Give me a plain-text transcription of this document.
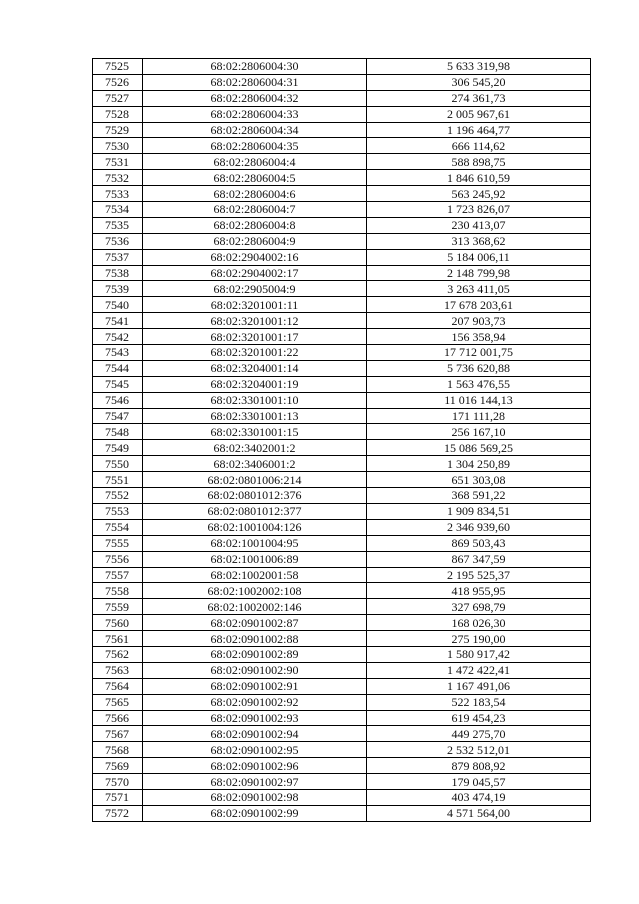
7525	68:02:2806004:30	5 633 319,98
7526	68:02:2806004:31	306 545,20
7527	68:02:2806004:32	274 361,73
7528	68:02:2806004:33	2 005 967,61
7529	68:02:2806004:34	1 196 464,77
7530	68:02:2806004:35	666 114,62
7531	68:02:2806004:4	588 898,75
7532	68:02:2806004:5	1 846 610,59
7533	68:02:2806004:6	563 245,92
7534	68:02:2806004:7	1 723 826,07
7535	68:02:2806004:8	230 413,07
7536	68:02:2806004:9	313 368,62
7537	68:02:2904002:16	5 184 006,11
7538	68:02:2904002:17	2 148 799,98
7539	68:02:2905004:9	3 263 411,05
7540	68:02:3201001:11	17 678 203,61
7541	68:02:3201001:12	207 903,73
7542	68:02:3201001:17	156 358,94
7543	68:02:3201001:22	17 712 001,75
7544	68:02:3204001:14	5 736 620,88
7545	68:02:3204001:19	1 563 476,55
7546	68:02:3301001:10	11 016 144,13
7547	68:02:3301001:13	171 111,28
7548	68:02:3301001:15	256 167,10
7549	68:02:3402001:2	15 086 569,25
7550	68:02:3406001:2	1 304 250,89
7551	68:02:0801006:214	651 303,08
7552	68:02:0801012:376	368 591,22
7553	68:02:0801012:377	1 909 834,51
7554	68:02:1001004:126	2 346 939,60
7555	68:02:1001004:95	869 503,43
7556	68:02:1001006:89	867 347,59
7557	68:02:1002001:58	2 195 525,37
7558	68:02:1002002:108	418 955,95
7559	68:02:1002002:146	327 698,79
7560	68:02:0901002:87	168 026,30
7561	68:02:0901002:88	275 190,00
7562	68:02:0901002:89	1 580 917,42
7563	68:02:0901002:90	1 472 422,41
7564	68:02:0901002:91	1 167 491,06
7565	68:02:0901002:92	522 183,54
7566	68:02:0901002:93	619 454,23
7567	68:02:0901002:94	449 275,70
7568	68:02:0901002:95	2 532 512,01
7569	68:02:0901002:96	879 808,92
7570	68:02:0901002:97	179 045,57
7571	68:02:0901002:98	403 474,19
7572	68:02:0901002:99	4 571 564,00
